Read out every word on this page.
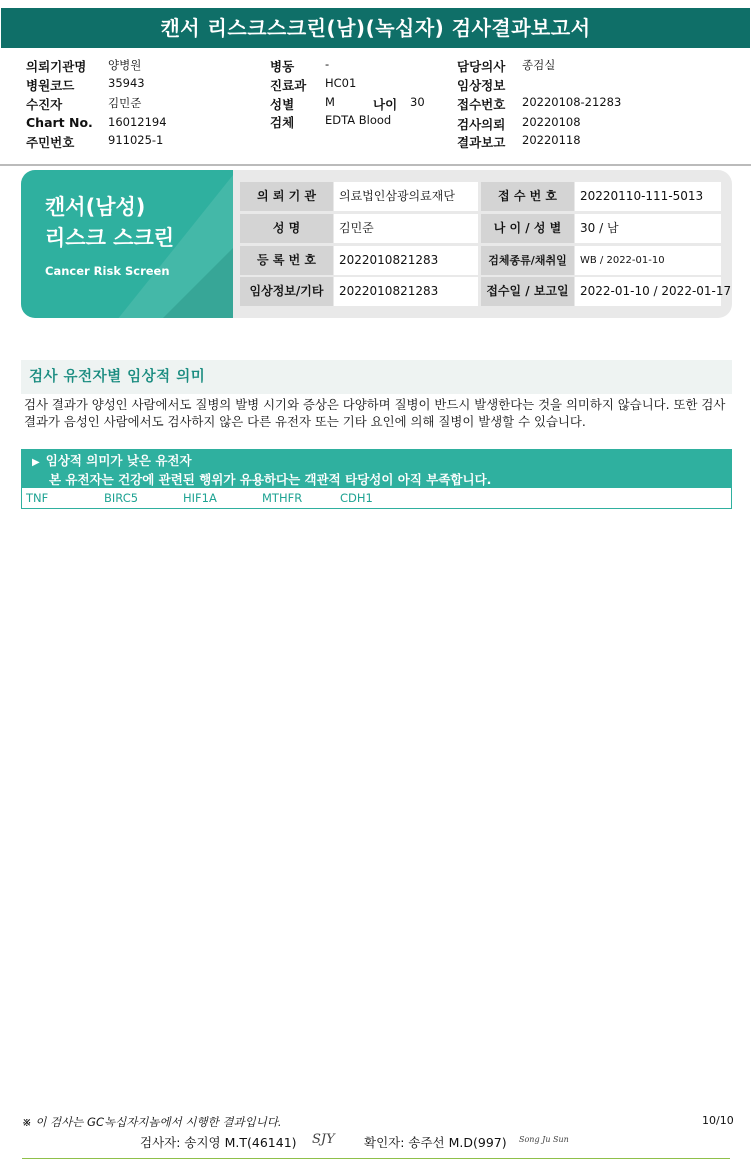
캔서 리스크스크린(남)(녹십자) 검사결과보고서
의뢰기관명 양병원
병원코드	35943
수진자	김민준
Chart No. 16012194
주민번호	911025-1
병동	-
진료과 HC01
성별	M	나이 30
검체	EDTA Blood
담당의사 종검실
임상정보
접수번호 20220108-21283
검사의뢰 20220108
결과보고 20220118
캔서(남성)
리스크 스크린
Cancer Risk Screen
의 뢰 기 관	의료법인삼광의료재단	접 수 번 호	20220110-111-5013
성 명	김민준	나 이 / 성 별	30 / 남
등 록 번 호	2022010821283	검체종류/채취일	WB / 2022-01-10
임상정보/기타	2022010821283	접수일 / 보고일 2022-01-10 / 2022-01-17
검사 유전자별 임상적 의미
검사 결과가 양성인 사람에서도 질병의 발병 시기와 증상은 다양하며 질병이 반드시 발생한다는 것을 의미하지 않습니다. 또한 검사 결과가 음성인 사람에서도 검사하지 않은 다른 유전자 또는 기타 요인에 의해 질병이 발생할 수 있습니다.
▶ 임상적 의미가 낮은 유전자
본 유전자는 건강에 관련된 행위가 유용하다는 객관적 타당성이 아직 부족합니다.
TNF	BIRC5	HIF1A	MTHFR	CDH1
※ 이 검사는 GC녹십자지놈에서 시행한 결과입니다.	10/10
검사자: 송지영 M.T(46141) SJY 확인자: 송주선 M.D(997) Song Ju Sun
